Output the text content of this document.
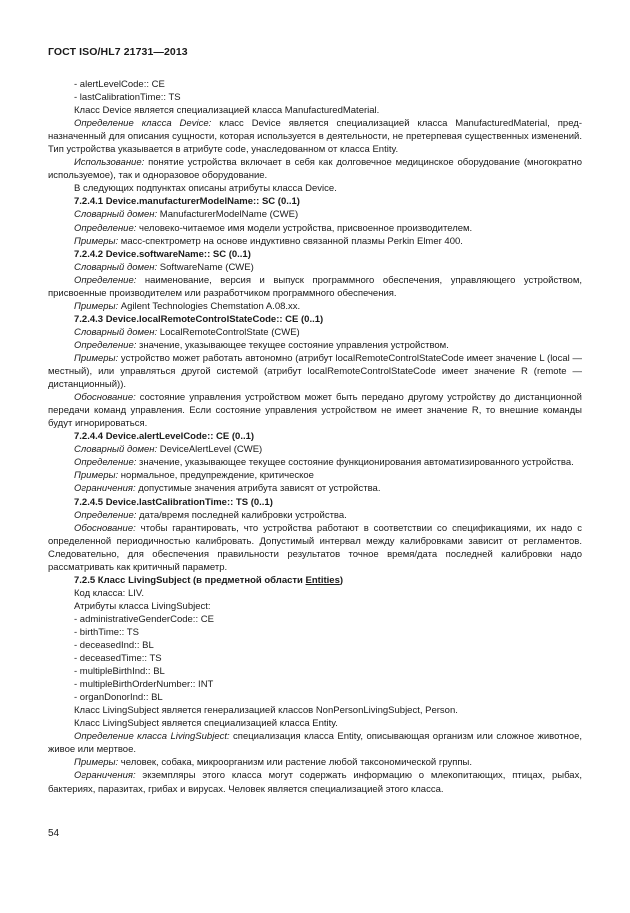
ГОСТ ISO/HL7 21731—2013

- alertLevelCode:: CE

- lastCalibrationTime:: TS

Класс Device является специализацией класса ManufacturedMaterial.

Определение класса Device: класс Device является специализацией класса ManufacturedMaterial, предназначенный для описания сущности, которая используется в деятельности, не претерпевая существенных изменений. Тип устройства указывается в атрибуте code, унаследованном от класса Entity.

Использование: понятие устройства включает в себя как долговечное медицинское оборудование (многократно используемое), так и одноразовое оборудование.

В следующих подпунктах описаны атрибуты класса Device.

7.2.4.1 Device.manufacturerModelName:: SC (0..1)

Словарный домен: ManufacturerModelName (CWE)

Определение: человеко-читаемое имя модели устройства, присвоенное производителем.

Примеры: масс-спектрометр на основе индуктивно связанной плазмы Perkin Elmer 400.

7.2.4.2 Device.softwareName:: SC (0..1)

Словарный домен: SoftwareName (CWE)

Определение: наименование, версия и выпуск программного обеспечения, управляющего устройством, присвоенные производителем или разработчиком программного обеспечения.

Примеры: Agilent Technologies Chemstation A.08.xx.

7.2.4.3 Device.localRemoteControlStateCode:: CE (0..1)

Словарный домен: LocalRemoteControlState (CWE)

Определение: значение, указывающее текущее состояние управления устройством.

Примеры: устройство может работать автономно (атрибут localRemoteControlStateCode имеет значение L (local — местный), или управляться другой системой (атрибут localRemoteControlStateCode имеет значение R (remote — дистанционный)).

Обоснование: состояние управления устройством может быть передано другому устройству до дистанционной передачи команд управления. Если состояние управления устройством не имеет значение R, то внешние команды будут игнорироваться.

7.2.4.4 Device.alertLevelCode:: CE (0..1)

Словарный домен: DeviceAlertLevel (CWE)

Определение: значение, указывающее текущее состояние функционирования автоматизированного устройства.

Примеры: нормальное, предупреждение, критическое

Ограничения: допустимые значения атрибута зависят от устройства.

7.2.4.5 Device.lastCalibrationTime:: TS (0..1)

Определение: дата/время последней калибровки устройства.

Обоснование: чтобы гарантировать, что устройства работают в соответствии со спецификациями, их надо с определенной периодичностью калибровать. Допустимый интервал между калибровками зависит от регламентов. Следовательно, для обеспечения правильности результатов точное время/дата последней калибровки надо рассматривать как критичный параметр.

7.2.5 Класс LivingSubject (в предметной области Entities)

Код класса: LIV.

Атрибуты класса LivingSubject:

- administrativeGenderCode:: CE

- birthTime:: TS

- deceasedInd:: BL

- deceasedTime:: TS

- multipleBirthInd:: BL

- multipleBirthOrderNumber:: INT

- organDonorInd:: BL

Класс LivingSubject является генерализацией классов NonPersonLivingSubject, Person.

Класс LivingSubject является специализацией класса Entity.

Определение класса LivingSubject: специализация класса Entity, описывающая организм или сложное животное, живое или мертвое.

Примеры: человек, собака, микроорганизм или растение любой таксономической группы.

Ограничения: экземпляры этого класса могут содержать информацию о млекопитающих, птицах, рыбах, бактериях, паразитах, грибах и вирусах. Человек является специализацией этого класса.

54
